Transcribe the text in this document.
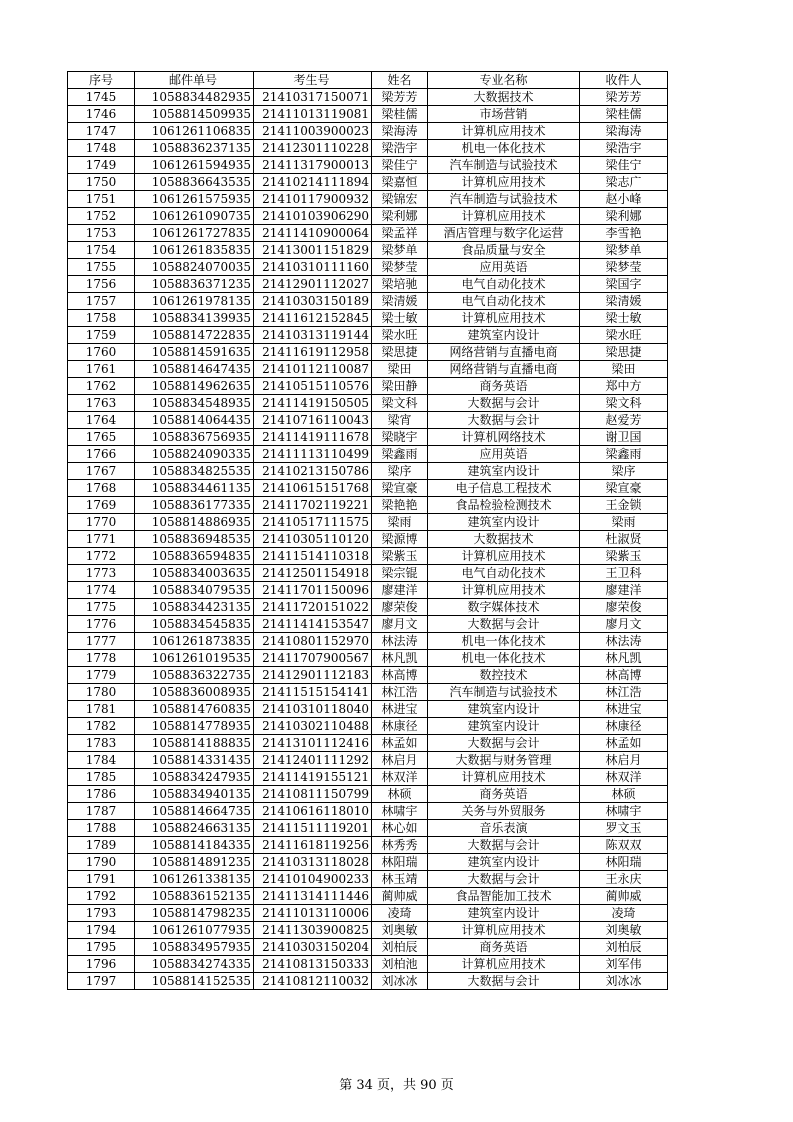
序号	邮件单号	考生号	姓名	专业名称	收件人
1745	1058834482935	21410317150071	梁芳芳	大数据技术	梁芳芳
1746	1058814509935	21411013119081	梁桂儒	市场营销	梁桂儒
1747	1061261106835	21411003900023	梁海涛	计算机应用技术	梁海涛
1748	1058836237135	21412301110228	梁浩宇	机电一体化技术	梁浩宇
1749	1061261594935	21411317900013	梁佳宁	汽车制造与试验技术	梁佳宁
1750	1058836643535	21410214111894	梁嘉恒	计算机应用技术	梁志广
1751	1061261575935	21410117900932	梁锦宏	汽车制造与试验技术	赵小峰
1752	1061261090735	21410103906290	梁利娜	计算机应用技术	梁利娜
1753	1061261727835	21411410900064	梁孟祥	酒店管理与数字化运营	李雪艳
1754	1061261835835	21413001151829	梁梦单	食品质量与安全	梁梦单
1755	1058824070035	21410310111160	梁梦莹	应用英语	梁梦莹
1756	1058836371235	21412901112027	梁培驰	电气自动化技术	梁国字
1757	1061261978135	21410303150189	梁清媛	电气自动化技术	梁清媛
1758	1058834139935	21411612152845	梁士敏	计算机应用技术	梁士敏
1759	1058814722835	21410313119144	梁水旺	建筑室内设计	梁水旺
1760	1058814591635	21411619112958	梁思捷	网络营销与直播电商	梁思捷
1761	1058814647435	21410112110087	梁田	网络营销与直播电商	梁田
1762	1058814962635	21410515110576	梁田静	商务英语	郑中方
1763	1058834548935	21411419150505	梁文科	大数据与会计	梁文科
1764	1058814064435	21410716110043	梁宵	大数据与会计	赵爱芳
1765	1058836756935	21411419111678	梁晓宇	计算机网络技术	谢卫国
1766	1058824090335	21411113110499	梁鑫雨	应用英语	梁鑫雨
1767	1058834825535	21410213150786	梁序	建筑室内设计	梁序
1768	1058834461135	21410615151768	梁宣豪	电子信息工程技术	梁宣豪
1769	1058836177335	21411702119221	梁艳艳	食品检验检测技术	王金锁
1770	1058814886935	21410517111575	梁雨	建筑室内设计	梁雨
1771	1058836948535	21410305110120	梁源博	大数据技术	杜淑贤
1772	1058836594835	21411514110318	梁紫玉	计算机应用技术	梁紫玉
1773	1058834003635	21412501154918	梁宗锟	电气自动化技术	王卫科
1774	1058834079535	21411701150096	廖建洋	计算机应用技术	廖建洋
1775	1058834423135	21411720151022	廖荣俊	数字媒体技术	廖荣俊
1776	1058834545835	21411414153547	廖月文	大数据与会计	廖月文
1777	1061261873835	21410801152970	林法涛	机电一体化技术	林法涛
1778	1061261019535	21411707900567	林凡凯	机电一体化技术	林凡凯
1779	1058836322735	21412901112183	林高博	数控技术	林高博
1780	1058836008935	21411515154141	林江浩	汽车制造与试验技术	林江浩
1781	1058814760835	21410310118040	林进宝	建筑室内设计	林进宝
1782	1058814778935	21410302110488	林康径	建筑室内设计	林康径
1783	1058814188835	21413101112416	林孟如	大数据与会计	林孟如
1784	1058814331435	21412401111292	林启月	大数据与财务管理	林启月
1785	1058834247935	21411419155121	林双洋	计算机应用技术	林双洋
1786	1058834940135	21410811150799	林硕	商务英语	林硕
1787	1058814664735	21410616118010	林啸宇	关务与外贸服务	林啸宇
1788	1058824663135	21411511119201	林心如	音乐表演	罗文玉
1789	1058814184335	21411618119256	林秀秀	大数据与会计	陈双双
1790	1058814891235	21410313118028	林阳瑞	建筑室内设计	林阳瑞
1791	1061261338135	21410104900233	林玉靖	大数据与会计	王永庆
1792	1058836152135	21411314111446	蔺帅威	食品智能加工技术	蔺帅威
1793	1058814798235	21411013110006	凌琦	建筑室内设计	凌琦
1794	1061261077935	21411303900825	刘奥敏	计算机应用技术	刘奥敏
1795	1058834957935	21410303150204	刘柏辰	商务英语	刘柏辰
1796	1058834274335	21410813150333	刘柏池	计算机应用技术	刘军伟
1797	1058814152535	21410812110032	刘冰冰	大数据与会计	刘冰冰
第 34 页，共 90 页
